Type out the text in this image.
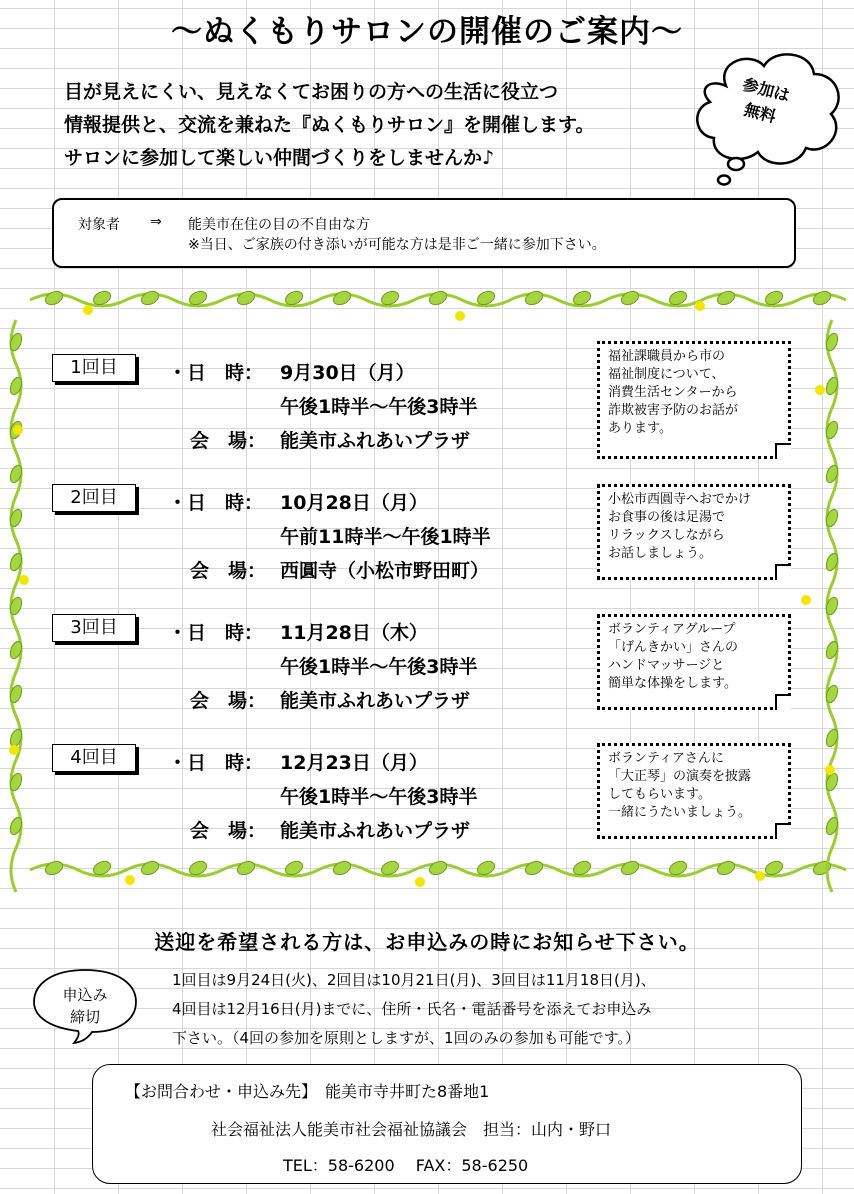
〜ぬくもりサロンの開催のご案内〜
目が見えにくい、見えなくてお困りの方への生活に役立つ
情報提供と、交流を兼ねた『ぬくもりサロン』を開催します。
サロンに参加して楽しい仲間づくりをしませんか♪
参加は
無料
対象者 ⇒ 能美市在住の目の不自由な方
※当日、ご家族の付き添いが可能な方は是非ご一緒に参加下さい。
1回目	・日　時： 9月30日（月）
午後1時半〜午後3時半
会　場： 能美市ふれあいプラザ
2回目	・日　時： 10月28日（月）
午前11時半〜午後1時半
会　場： 西圓寺（小松市野田町）
3回目	・日　時： 11月28日（木）
午後1時半〜午後3時半
会　場： 能美市ふれあいプラザ
4回目	・日　時： 12月23日（月）
午後1時半〜午後3時半
会　場： 能美市ふれあいプラザ
福祉課職員から市の
福祉制度について、
消費生活センターから
詐欺被害予防のお話が
あります。
小松市西圓寺へおでかけ
お食事の後は足湯で
リラックスしながら
お話しましょう。
ボランティアグループ
「げんきかい」さんの
ハンドマッサージと
簡単な体操をします。
ボランティアさんに
「大正琴」の演奏を披露
してもらいます。
一緒にうたいましょう。
送迎を希望される方は、お申込みの時にお知らせ下さい。
申込み
締切
1回目は9月24日(火)、2回目は10月21日(月)、3回目は11月18日(月)、
4回目は12月16日(月)までに、住所・氏名・電話番号を添えてお申込み
下さい。（4回の参加を原則としますが、1回のみの参加も可能です。）
【お問合わせ・申込み先】　能美市寺井町た8番地1
社会福祉法人能美市社会福祉協議会　担当：山内・野口
TEL：58-6200　 FAX：58-6250
